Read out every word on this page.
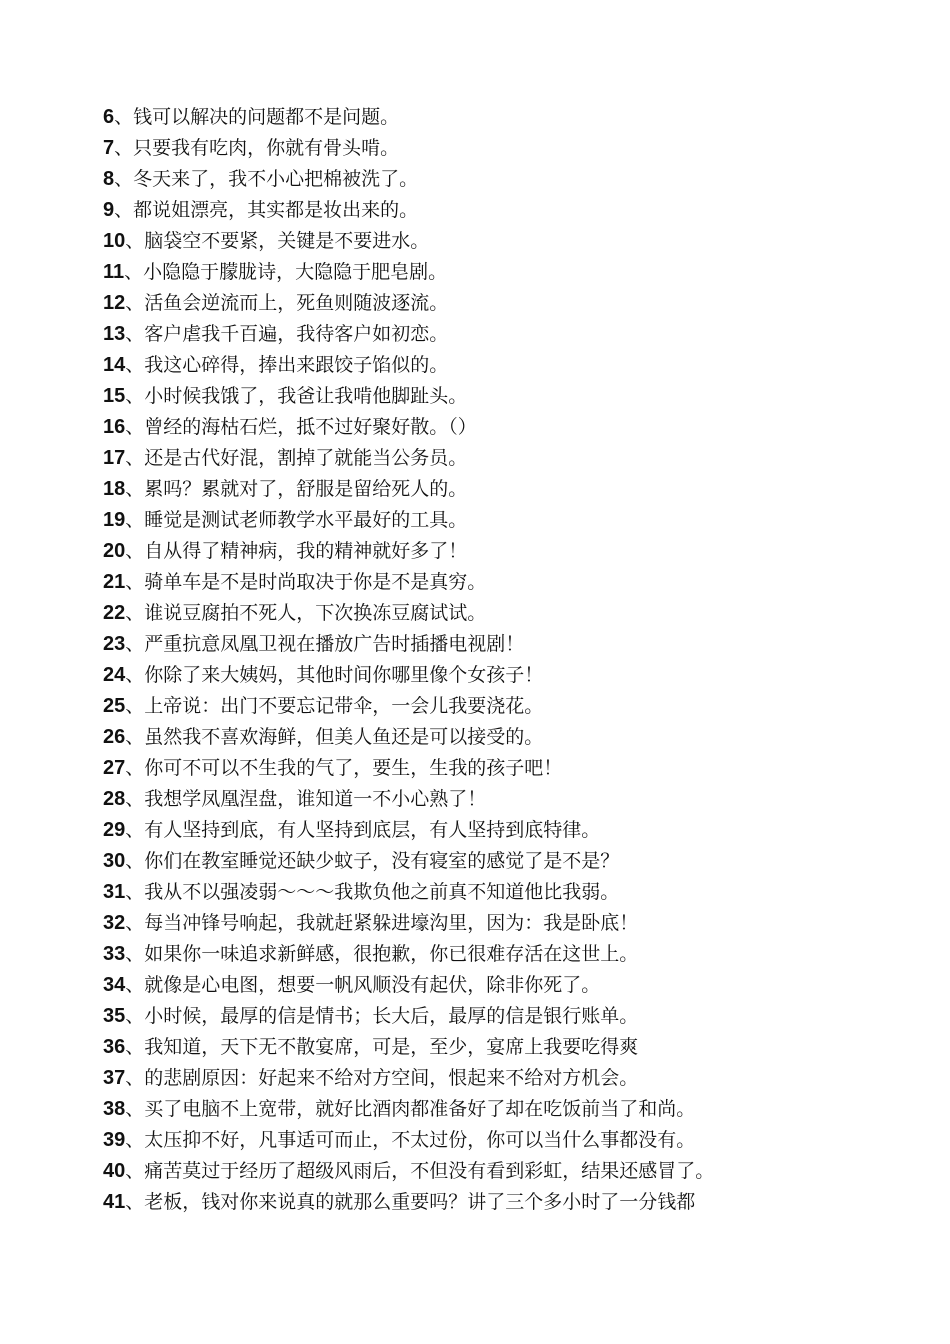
6、钱可以解决的问题都不是问题。
7、只要我有吃肉，你就有骨头啃。
8、冬天来了，我不小心把棉被洗了。
9、都说姐漂亮，其实都是妆出来的。
10、脑袋空不要紧，关键是不要进水。
11、小隐隐于朦胧诗，大隐隐于肥皂剧。
12、活鱼会逆流而上，死鱼则随波逐流。
13、客户虐我千百遍，我待客户如初恋。
14、我这心碎得，捧出来跟饺子馅似的。
15、小时候我饿了，我爸让我啃他脚趾头。
16、曾经的海枯石烂，抵不过好聚好散。（）
17、还是古代好混，割掉了就能当公务员。
18、累吗？累就对了，舒服是留给死人的。
19、睡觉是测试老师教学水平最好的工具。
20、自从得了精神病，我的精神就好多了！
21、骑单车是不是时尚取决于你是不是真穷。
22、谁说豆腐拍不死人，下次换冻豆腐试试。
23、严重抗意凤凰卫视在播放广告时插播电视剧！
24、你除了来大姨妈，其他时间你哪里像个女孩子！
25、上帝说：出门不要忘记带伞，一会儿我要浇花。
26、虽然我不喜欢海鲜，但美人鱼还是可以接受的。
27、你可不可以不生我的气了，要生，生我的孩子吧！
28、我想学凤凰涅盘，谁知道一不小心熟了！
29、有人坚持到底，有人坚持到底层，有人坚持到底特律。
30、你们在教室睡觉还缺少蚊子，没有寝室的感觉了是不是？
31、我从不以强凌弱〜〜〜我欺负他之前真不知道他比我弱。
32、每当冲锋号响起，我就赶紧躲进壕沟里，因为：我是卧底！
33、如果你一味追求新鲜感，很抱歉，你已很难存活在这世上。
34、就像是心电图，想要一帆风顺没有起伏，除非你死了。
35、小时候，最厚的信是情书；长大后，最厚的信是银行账单。
36、我知道，天下无不散宴席，可是，至少，宴席上我要吃得爽
37、的悲剧原因：好起来不给对方空间，恨起来不给对方机会。
38、买了电脑不上宽带，就好比酒肉都准备好了却在吃饭前当了和尚。
39、太压抑不好，凡事适可而止，不太过份，你可以当什么事都没有。
40、痛苦莫过于经历了超级风雨后，不但没有看到彩虹，结果还感冒了。
41、老板，钱对你来说真的就那么重要吗？讲了三个多小时了一分钱都
